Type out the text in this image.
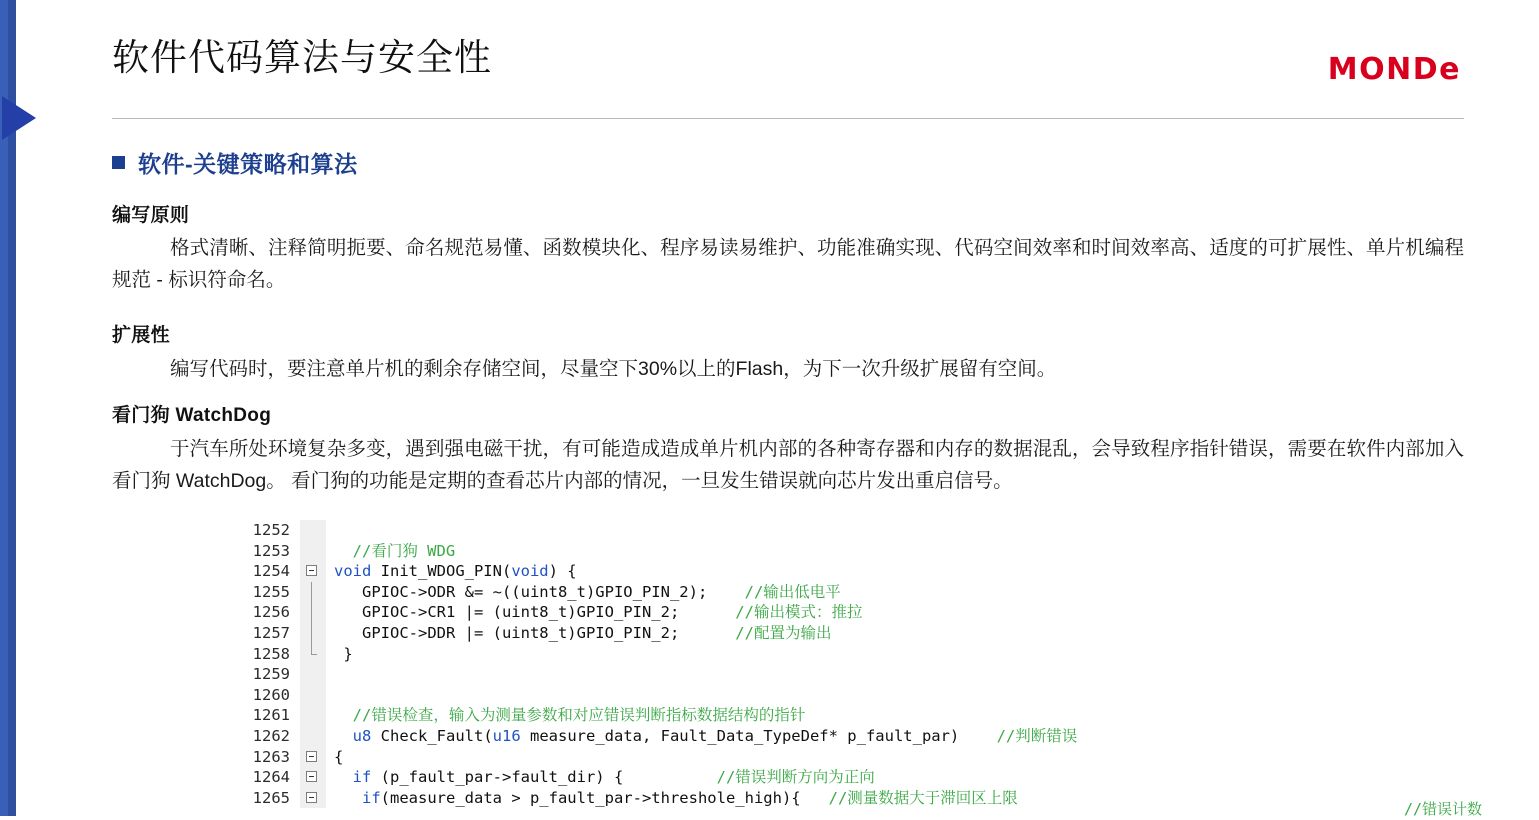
软件代码算法与安全性	MONDe
软件-关键策略和算法
编写原则
格式清晰、注释简明扼要、命名规范易懂、函数模块化、程序易读易维护、功能准确实现、代码空间效率和时间效率高、适度的可扩展性、单片机编程规范 - 标识符命名。
扩展性
编写代码时，要注意单片机的剩余存储空间，尽量空下30%以上的Flash，为下一次升级扩展留有空间。
看门狗 WatchDog
于汽车所处环境复杂多变，遇到强电磁干扰，有可能造成造成单片机内部的各种寄存器和内存的数据混乱，会导致程序指针错误，需要在软件内部加入看门狗 WatchDog。 看门狗的功能是定期的查看芯片内部的情况，一旦发生错误就向芯片发出重启信号。
1252
1253	//看门狗 WDG
1254	void Init_WDOG_PIN(void) {
1255	GPIOC->ODR &= ~((uint8_t)GPIO_PIN_2);    //输出低电平
1256	GPIOC->CR1 |= (uint8_t)GPIO_PIN_2;      //输出模式：推拉
1257	GPIOC->DDR |= (uint8_t)GPIO_PIN_2;      //配置为输出
1258	}
1259
1260
1261	//错误检查，输入为测量参数和对应错误判断指标数据结构的指针
1262	u8 Check_Fault(u16 measure_data, Fault_Data_TypeDef* p_fault_par)    //判断错误
1263	{
1264	if (p_fault_par->fault_dir) {          //错误判断方向为正向
1265	if(measure_data > p_fault_par->threshole_high){   //测量数据大于滞回区上限
//错误计数
